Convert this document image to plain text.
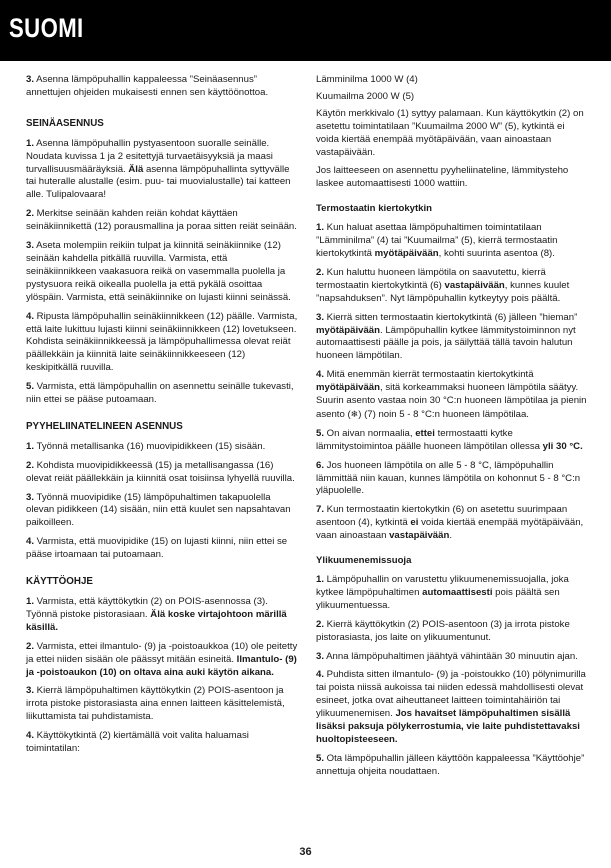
SUOMI

3. Asenna lämpöpuhallin kappaleessa ”Seinäasennus” annettujen ohjeiden mukaisesti ennen sen käyttöönottoa.

SEINÄASENNUS

1. Asenna lämpöpuhallin pystyasentoon suoralle seinälle. Noudata kuvissa 1 ja 2 esitettyjä turvaetäisyyksiä ja maasi turvallisuusmääräyksiä. Älä asenna lämpöpuhallinta syttyvälle tai huteralle alustalle (esim. puu- tai muovialustalle) tai katteen alle. Tulipalovaara!

2. Merkitse seinään kahden reiän kohdat käyttäen seinäkiinnikettä (12) porausmallina ja poraa sitten reiät seinään.

3. Aseta molempiin reikiin tulpat ja kiinnitä seinäkiinnike (12) seinään kahdella pitkällä ruuvilla. Varmista, että seinäkiinnikkeen vaakasuora reikä on vasemmalla puolella ja pystysuora reikä oikealla puolella ja että pykälä osoittaa ylöspäin. Varmista, että seinäkiinnike on lujasti kiinni seinässä.

4. Ripusta lämpöpuhallin seinäkiinnikkeen (12) päälle. Varmista, että laite lukittuu lujasti kiinni seinäkiinnikkeen (12) lovetukseen. Kohdista seinäkiinnikkeessä ja lämpöpuhallimessa olevat reiät päällekkäin ja kiinnitä laite seinäkiinnikkeeseen (12) keskipitkällä ruuvilla.

5. Varmista, että lämpöpuhallin on asennettu seinälle tukevasti, niin ettei se pääse putoamaan.

PYYHELIINATELINEEN ASENNUS

1. Työnnä metallisanka (16) muovipidikkeen (15) sisään.

2. Kohdista muovipidikkeessä (15) ja metallisangassa (16) olevat reiät päällekkäin ja kiinnitä osat toisiinsa lyhyellä ruuvilla.

3. Työnnä muovipidike (15) lämpöpuhaltimen takapuolella olevan pidikkeen (14) sisään, niin että kuulet sen napsahtavan paikoilleen.

4. Varmista, että muovipidike (15) on lujasti kiinni, niin ettei se pääse irtoamaan tai putoamaan.

KÄYTTÖOHJE

1. Varmista, että käyttökytkin (2) on POIS-asennossa (3). Työnnä pistoke pistorasiaan. Älä koske virtajohtoon märillä käsillä.

2. Varmista, ettei ilmantulo- (9) ja -poistoaukkoa (10) ole peitetty ja ettei niiden sisään ole päässyt mitään esineitä. Ilmantulo- (9) ja -poistoaukon (10) on oltava aina auki käytön aikana.

3. Kierrä lämpöpuhaltimen käyttökytkin (2) POIS-asentoon ja irrota pistoke pistorasiasta aina ennen laitteen käsittelemistä, liikuttamista tai puhdistamista.

4. Käyttökytkintä (2) kiertämällä voit valita haluamasi toimintatilan:

Lämminilma 1000 W (4)

Kuumailma 2000 W (5)

Käytön merkkivalo (1) syttyy palamaan. Kun käyttökytkin (2) on asetettu toimintatilaan ”Kuumailma 2000 W” (5), kytkintä ei voida kiertää enempää myötäpäivään, vaan ainoastaan vastapäivään.

Jos laitteeseen on asennettu pyyheliinateline, lämmitysteho laskee automaattisesti 1000 wattiin.

Termostaatin kiertokytkin

1. Kun haluat asettaa lämpöpuhaltimen toimintatilaan ”Lämminilma” (4) tai ”Kuumailma” (5), kierrä termostaatin kiertokytkintä myötäpäivään, kohti suurinta asentoa (8).

2. Kun haluttu huoneen lämpötila on saavutettu, kierrä termostaatin kiertokytkintä (6) vastapäivään, kunnes kuulet ”napsahduksen”. Nyt lämpöpuhallin kytkeytyy pois päältä.

3. Kierrä sitten termostaatin kiertokytkintä (6) jälleen ”hieman” myötäpäivään. Lämpöpuhallin kytkee lämmitystoiminnon nyt automaattisesti päälle ja pois, ja säilyttää tällä tavoin halutun huoneen lämpötilan.

4. Mitä enemmän kierrät termostaatin kiertokytkintä myötäpäivään, sitä korkeammaksi huoneen lämpötila säätyy. Suurin asento vastaa noin 30 °C:n huoneen lämpötilaa ja pienin asento (❄) (7) noin 5 - 8 °C:n huoneen lämpötilaa.

5. On aivan normaalia, ettei termostaatti kytke lämmitystoimintoa päälle huoneen lämpötilan ollessa yli 30 °C.

6. Jos huoneen lämpötila on alle 5 - 8 °C, lämpöpuhallin lämmittää niin kauan, kunnes lämpötila on kohonnut 5 - 8 °C:n yläpuolelle.

7. Kun termostaatin kiertokytkin (6) on asetettu suurimpaan asentoon (4), kytkintä ei voida kiertää enempää myötäpäivään, vaan ainoastaan vastapäivään.

Ylikuumenemissuoja

1. Lämpöpuhallin on varustettu ylikuumenemissuojalla, joka kytkee lämpöpuhaltimen automaattisesti pois päältä sen ylikuumentuessa.

2. Kierrä käyttökytkin (2) POIS-asentoon (3) ja irrota pistoke pistorasiasta, jos laite on ylikuumentunut.

3. Anna lämpöpuhaltimen jäähtyä vähintään 30 minuutin ajan.

4. Puhdista sitten ilmantulo- (9) ja -poistoukko (10) pölynimurilla tai poista niissä aukoissa tai niiden edessä mahdollisesti olevat esineet, jotka ovat aiheuttaneet laitteen toimintahäiriön tai ylikuumenemisen. Jos havaitset lämpöpuhaltimen sisällä lisäksi paksuja pölykerrostumia, vie laite puhdistettavaksi huoltopisteeseen.

5. Ota lämpöpuhallin jälleen käyttöön kappaleessa ”Käyttöohje” annettuja ohjeita noudattaen.

36
